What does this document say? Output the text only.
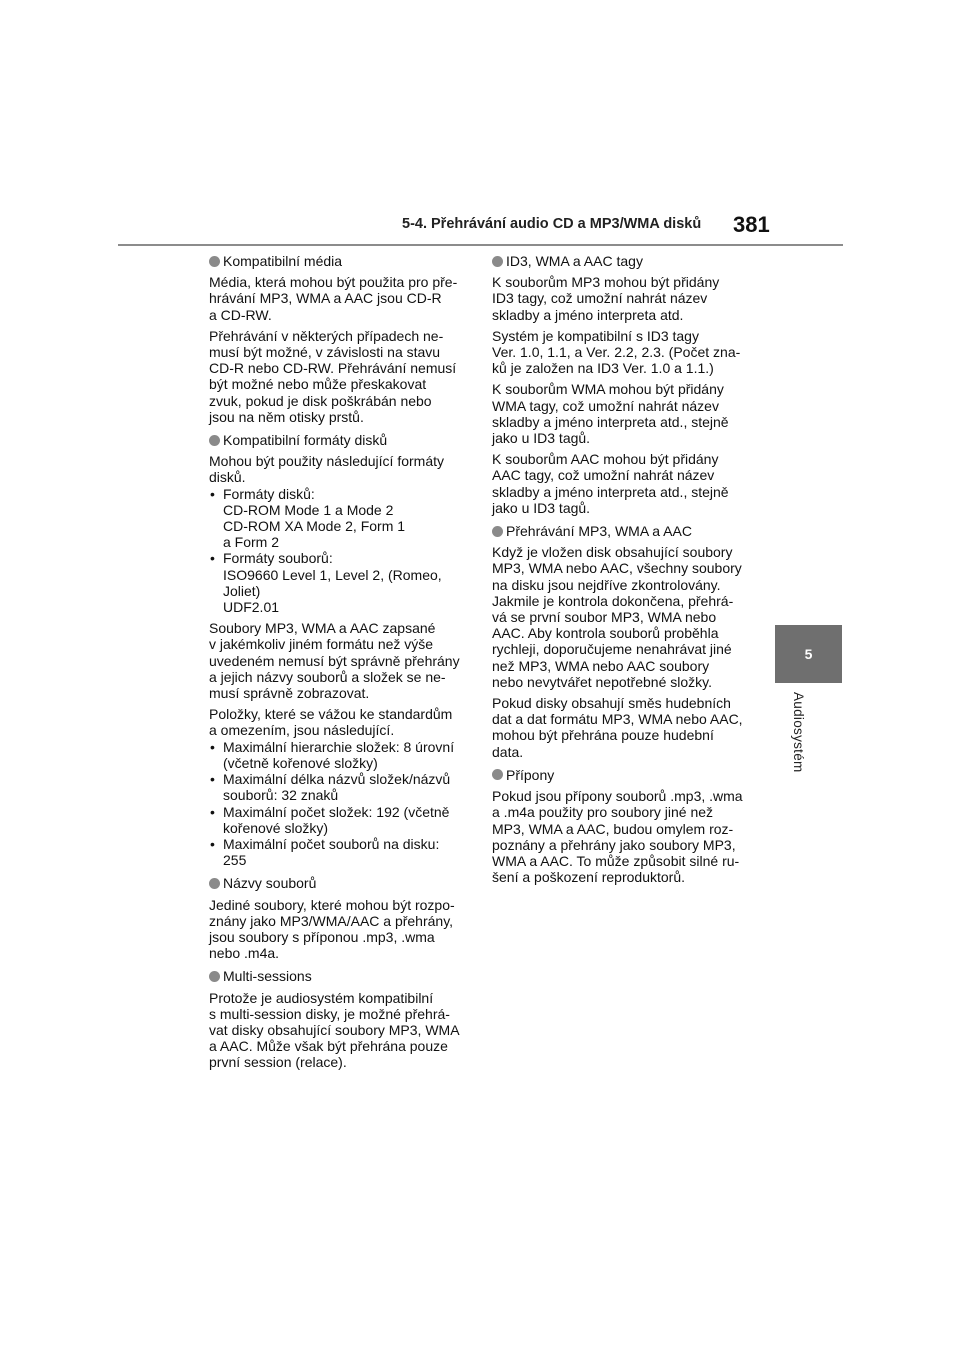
5-4. Přehrávání audio CD a MP3/WMA disků 381
5
Audiosystém
Kompatibilní média

Média, která mohou být použita pro pře-
hrávání MP3, WMA a AAC jsou CD-R
a CD-RW.

Přehrávání v některých případech ne-
musí být možné, v závislosti na stavu
CD-R nebo CD-RW. Přehrávání nemusí
být možné nebo může přeskakovat
zvuk, pokud je disk poškrábán nebo
jsou na něm otisky prstů.

Kompatibilní formáty disků

Mohou být použity následující formáty
disků.

• Formáty disků:
CD-ROM Mode 1 a Mode 2
CD-ROM XA Mode 2, Form 1
a Form 2
• Formáty souborů:
ISO9660 Level 1, Level 2, (Romeo,
Joliet)
UDF2.01

Soubory MP3, WMA a AAC zapsané
v jakémkoliv jiném formátu než výše
uvedeném nemusí být správně přehrány
a jejich názvy souborů a složek se ne-
musí správně zobrazovat.

Položky, které se vážou ke standardům
a omezením, jsou následující.

• Maximální hierarchie složek: 8 úrovní
(včetně kořenové složky)
• Maximální délka názvů složek/názvů
souborů: 32 znaků
• Maximální počet složek: 192 (včetně
kořenové složky)
• Maximální počet souborů na disku:
255
Názvy souborů

Jediné soubory, které mohou být rozpo-
znány jako MP3/WMA/AAC a přehrány,
jsou soubory s příponou .mp3, .wma
nebo .m4a.

Multi-sessions

Protože je audiosystém kompatibilní
s multi-session disky, je možné přehrá-
vat disky obsahující soubory MP3, WMA
a AAC. Může však být přehrána pouze
první session (relace).

ID3, WMA a AAC tagy

K souborům MP3 mohou být přidány
ID3 tagy, což umožní nahrát název
skladby a jméno interpreta atd.

Systém je kompatibilní s ID3 tagy
Ver. 1.0, 1.1, a Ver. 2.2, 2.3. (Počet zna-
ků je založen na ID3 Ver. 1.0 a 1.1.)

K souborům WMA mohou být přidány
WMA tagy, což umožní nahrát název
skladby a jméno interpreta atd., stejně
jako u ID3 tagů.

K souborům AAC mohou být přidány
AAC tagy, což umožní nahrát název
skladby a jméno interpreta atd., stejně
jako u ID3 tagů.

Přehrávání MP3, WMA a AAC

Když je vložen disk obsahující soubory
MP3, WMA nebo AAC, všechny soubory
na disku jsou nejdříve zkontrolovány.
Jakmile je kontrola dokončena, přehrá-
vá se první soubor MP3, WMA nebo
AAC. Aby kontrola souborů proběhla
rychleji, doporučujeme nenahrávat jiné
než MP3, WMA nebo AAC soubory
nebo nevytvářet nepotřebné složky.

Pokud disky obsahují směs hudebních
dat a dat formátu MP3, WMA nebo AAC,
mohou být přehrána pouze hudební
data.

Přípony

Pokud jsou přípony souborů .mp3, .wma
a .m4a použity pro soubory jiné než
MP3, WMA a AAC, budou omylem roz-
poznány a přehrány jako soubory MP3,
WMA a AAC. To může způsobit silné ru-
šení a poškození reproduktorů.
